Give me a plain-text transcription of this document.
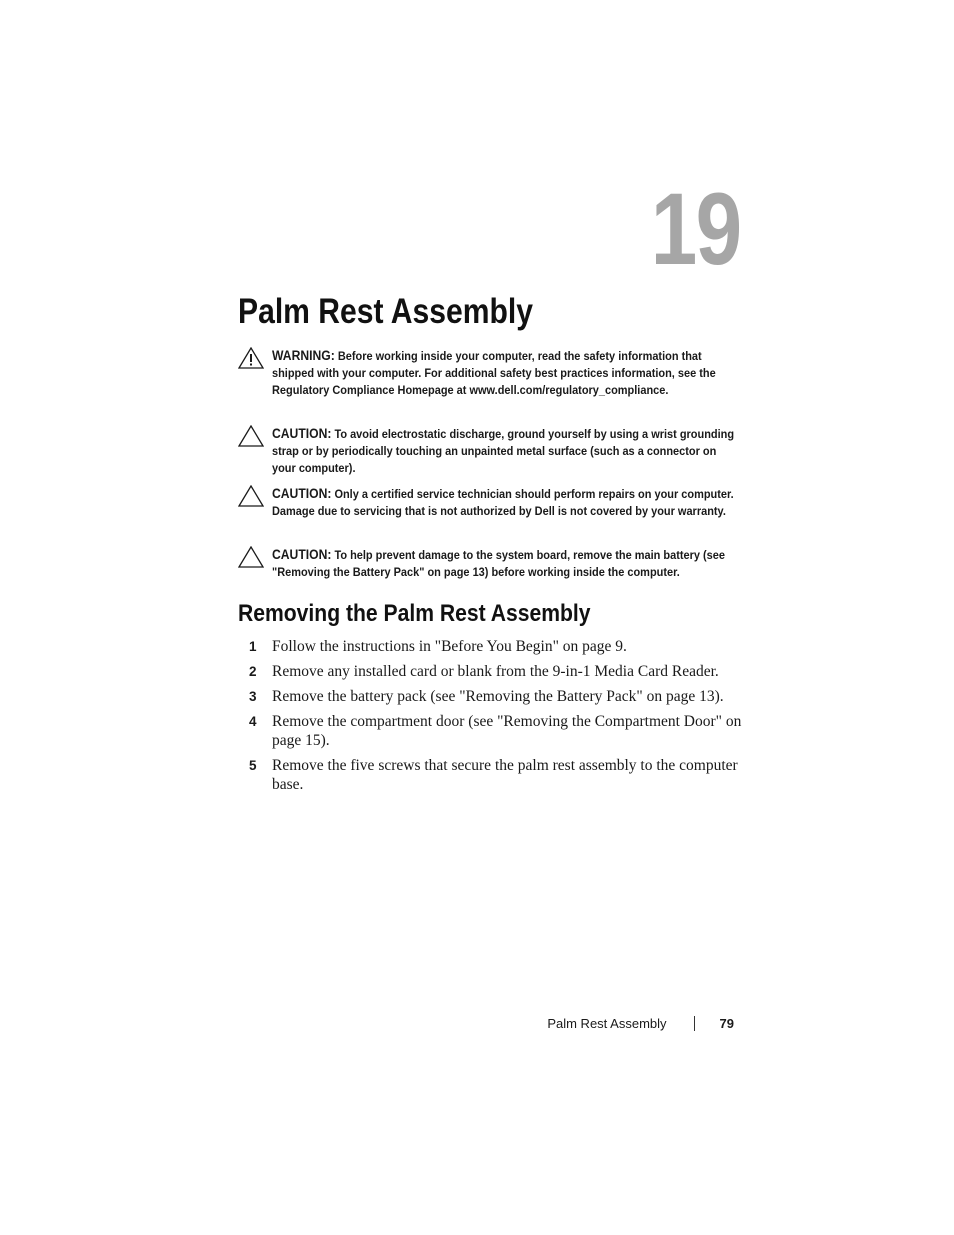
19
Palm Rest Assembly
WARNING: Before working inside your computer, read the safety information that shipped with your computer. For additional safety best practices information, see the Regulatory Compliance Homepage at www.dell.com/regulatory_compliance.
CAUTION: To avoid electrostatic discharge, ground yourself by using a wrist grounding strap or by periodically touching an unpainted metal surface (such as a connector on your computer).
CAUTION: Only a certified service technician should perform repairs on your computer. Damage due to servicing that is not authorized by Dell is not covered by your warranty.
CAUTION: To help prevent damage to the system board, remove the main battery (see "Removing the Battery Pack" on page 13) before working inside the computer.
Removing the Palm Rest Assembly
1 Follow the instructions in "Before You Begin" on page 9.
2 Remove any installed card or blank from the 9-in-1 Media Card Reader.
3 Remove the battery pack (see "Removing the Battery Pack" on page 13).
4 Remove the compartment door (see "Removing the Compartment Door" on page 15).
5 Remove the five screws that secure the palm rest assembly to the computer base.
Palm Rest Assembly	79
